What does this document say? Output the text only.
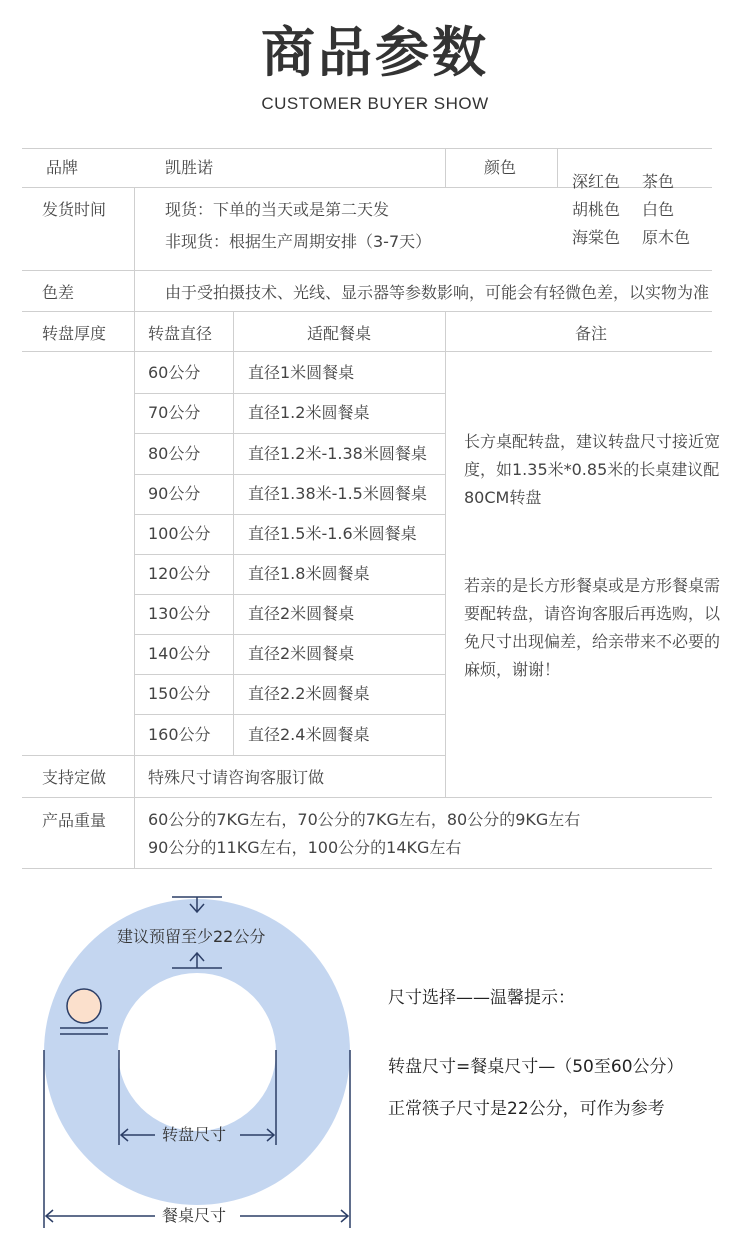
商品参数
CUSTOMER BUYER SHOW
品牌	凯胜诺	颜色
深红色 茶色
胡桃色 白色
海棠色 原木色
发货时间	现货：下单的当天或是第二天发
非现货：根据生产周期安排（3-7天）
色差	由于受拍摄技术、光线、显示器等参数影响，可能会有轻微色差，以实物为准
转盘厚度	转盘直径	适配餐桌	备注
60公分	直径1米圆餐桌
70公分	直径1.2米圆餐桌
80公分	直径1.2米-1.38米圆餐桌
90公分	直径1.38米-1.5米圆餐桌
100公分 直径1.5米-1.6米圆餐桌
120公分 直径1.8米圆餐桌
130公分 直径2米圆餐桌
140公分 直径2米圆餐桌
150公分 直径2.2米圆餐桌
160公分 直径2.4米圆餐桌
长方桌配转盘，建议转盘尺寸接近宽度，如1.35米*0.85米的长桌建议配80CM转盘
若亲的是长方形餐桌或是方形餐桌需要配转盘，请咨询客服后再选购，以免尺寸出现偏差，给亲带来不必要的麻烦，谢谢！
支持定做	特殊尺寸请咨询客服订做
产品重量	60公分的7KG左右，70公分的7KG左右，80公分的9KG左右
90公分的11KG左右，100公分的14KG左右
建议预留至少22公分
转盘尺寸
餐桌尺寸
尺寸选择——温馨提示：
转盘尺寸=餐桌尺寸—（50至60公分）
正常筷子尺寸是22公分，可作为参考
